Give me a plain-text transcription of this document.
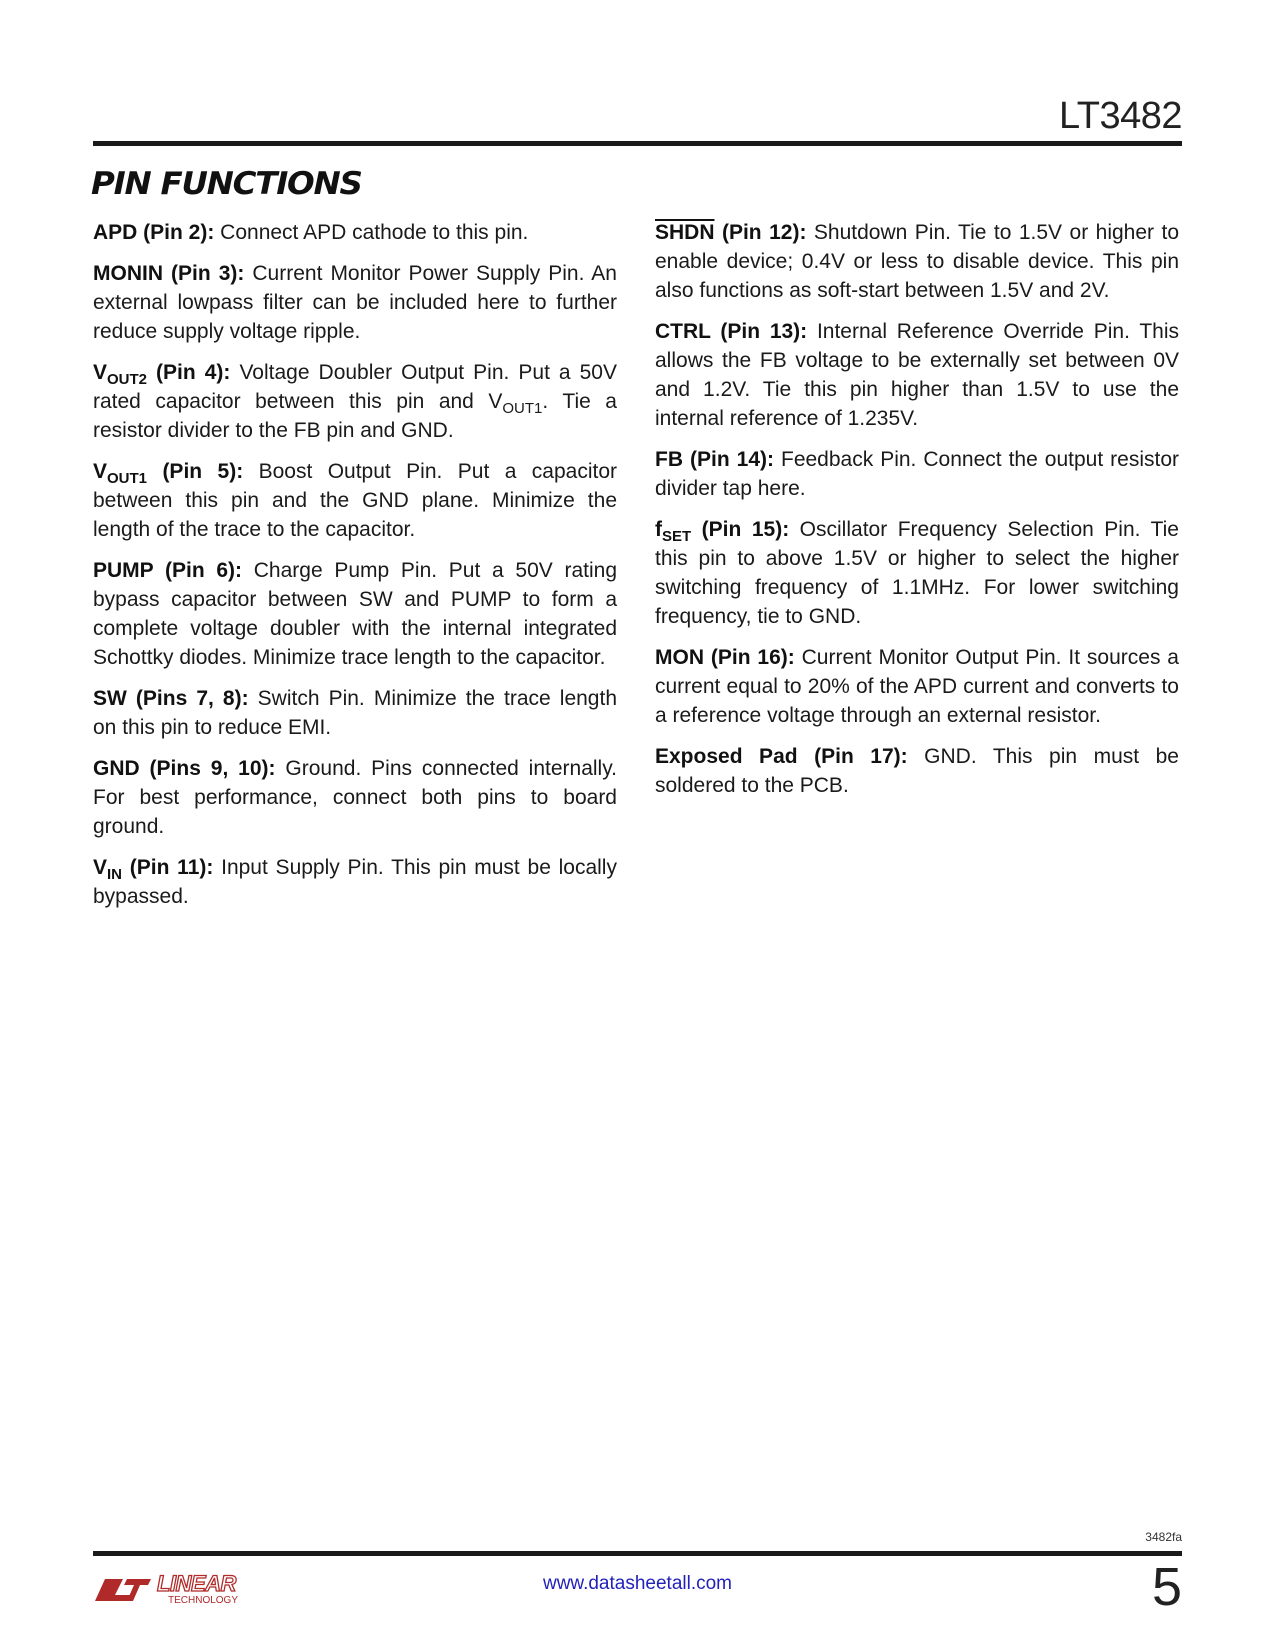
LT3482
PIN FUNCTIONS

APD (Pin 2): Connect APD cathode to this pin.

MONIN (Pin 3): Current Monitor Power Supply Pin. An external lowpass filter can be included here to further reduce supply voltage ripple.

$V_{OUT2}$ (Pin 4): Voltage Doubler Output Pin. Put a 50V rated capacitor between this pin and $V_{OUT1}$. Tie a resistor divider to the FB pin and GND.

$V_{OUT1}$ (Pin 5): Boost Output Pin. Put a capacitor between this pin and the GND plane. Minimize the length of the trace to the capacitor.

PUMP (Pin 6): Charge Pump Pin. Put a 50V rating bypass capacitor between SW and PUMP to form a complete voltage doubler with the internal integrated Schottky diodes. Minimize trace length to the capacitor.

SW (Pins 7, 8): Switch Pin. Minimize the trace length on this pin to reduce EMI.

GND (Pins 9, 10): Ground. Pins connected internally. For best performance, connect both pins to board ground.

$V_{IN}$ (Pin 11): Input Supply Pin. This pin must be locally bypassed.

SHDN (Pin 12): Shutdown Pin. Tie to 1.5V or higher to enable device; 0.4V or less to disable device. This pin also functions as soft-start between 1.5V and 2V.

CTRL (Pin 13): Internal Reference Override Pin. This allows the FB voltage to be externally set between 0V and 1.2V. Tie this pin higher than 1.5V to use the internal reference of 1.235V.

FB (Pin 14): Feedback Pin. Connect the output resistor divider tap here.

$f_{SET}$ (Pin 15): Oscillator Frequency Selection Pin. Tie this pin to above 1.5V or higher to select the higher switching frequency of 1.1MHz. For lower switching frequency, tie to GND.

MON (Pin 16): Current Monitor Output Pin. It sources a current equal to 20% of the APD current and converts to a reference voltage through an external resistor.

Exposed Pad (Pin 17): GND. This pin must be soldered to the PCB.

3482fa
LINEAR
TECHNOLOGY
www.datasheetall.com	5
